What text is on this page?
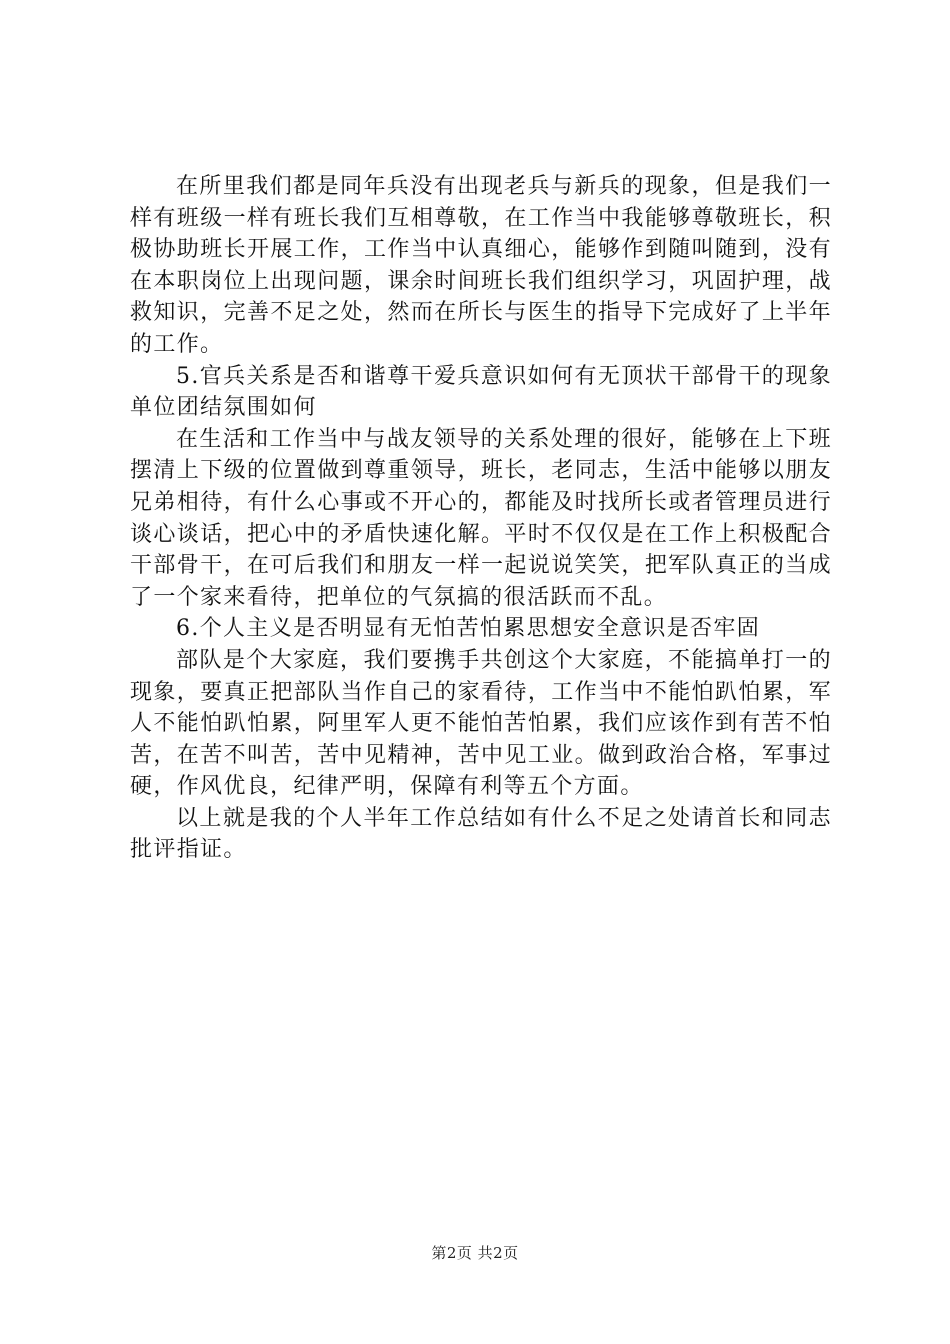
在所里我们都是同年兵没有出现老兵与新兵的现象，但是我们一样有班级一样有班长我们互相尊敬，在工作当中我能够尊敬班长，积极协助班长开展工作，工作当中认真细心，能够作到随叫随到，没有在本职岗位上出现问题，课余时间班长我们组织学习，巩固护理，战救知识，完善不足之处，然而在所长与医生的指导下完成好了上半年的工作。

5.官兵关系是否和谐尊干爱兵意识如何有无顶状干部骨干的现象单位团结氛围如何

在生活和工作当中与战友领导的关系处理的很好，能够在上下班摆清上下级的位置做到尊重领导，班长，老同志，生活中能够以朋友兄弟相待，有什么心事或不开心的，都能及时找所长或者管理员进行谈心谈话，把心中的矛盾快速化解。平时不仅仅是在工作上积极配合干部骨干，在可后我们和朋友一样一起说说笑笑，把军队真正的当成了一个家来看待，把单位的气氛搞的很活跃而不乱。

6.个人主义是否明显有无怕苦怕累思想安全意识是否牢固

部队是个大家庭，我们要携手共创这个大家庭，不能搞单打一的现象，要真正把部队当作自己的家看待，工作当中不能怕趴怕累，军人不能怕趴怕累，阿里军人更不能怕苦怕累，我们应该作到有苦不怕苦，在苦不叫苦，苦中见精神，苦中见工业。做到政治合格，军事过硬，作风优良，纪律严明，保障有利等五个方面。

以上就是我的个人半年工作总结如有什么不足之处请首长和同志批评指证。

第2页 共2页
